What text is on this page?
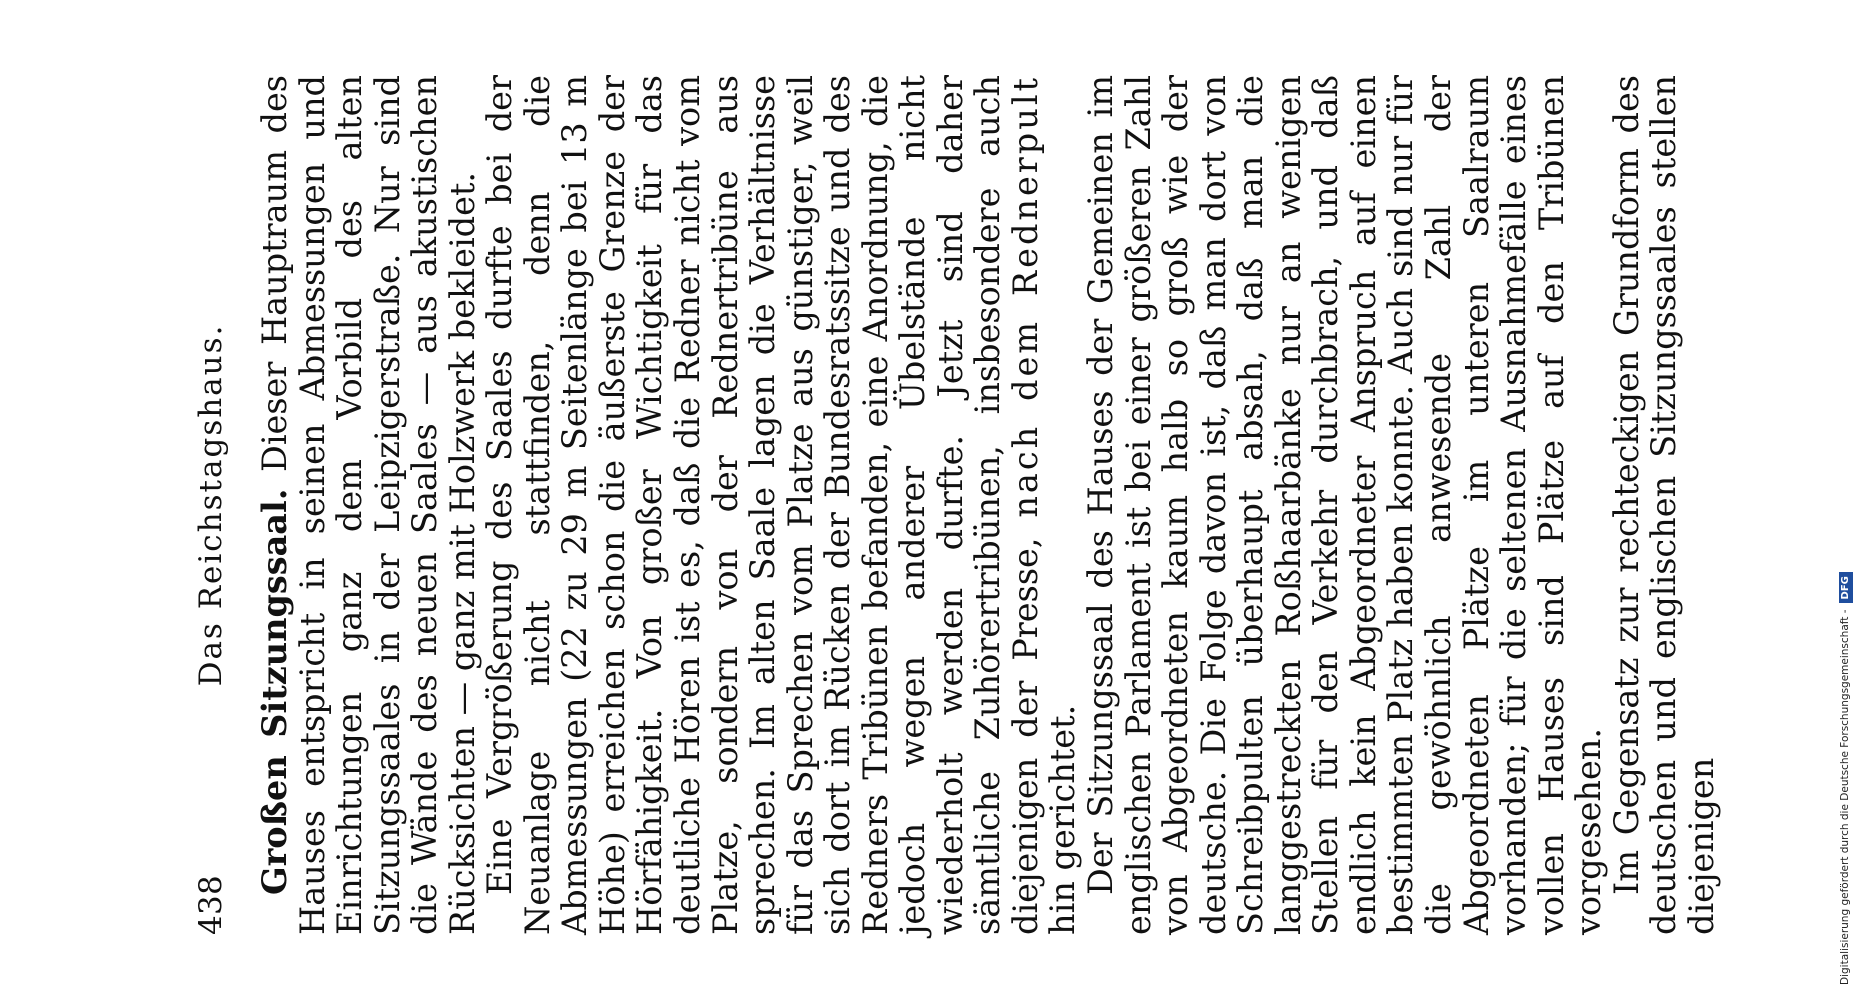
438
Das Reichstagshaus. Großen Sitzungssaal. Dieser Hauptraum des Hauses entspricht in seinen Abmessungen und Einrichtungen ganz dem Vorbild des alten Sitzungssaales in der Leipzigerstraße. Nur sind die Wände des neuen Saales — aus akustischen Rücksichten — ganz mit Holzwerk bekleidet.

Eine Vergrößerung des Saales durfte bei der Neuanlage nicht stattfinden, denn die Abmessungen (22 zu 29 m Seitenlänge bei 13 m Höhe) erreichen schon die äußerste Grenze der Hörfähigkeit. Von großer Wichtigkeit für das deutliche Hören ist es, daß die Redner nicht vom Platze, sondern von der Rednertribüne aus sprechen. Im alten Saale lagen die Verhältnisse für das Sprechen vom Platze aus günstiger, weil sich dort im Rücken der Bundesratssitze und des Redners Tribünen befanden, eine Anordnung, die jedoch wegen anderer Übelstände nicht wiederholt werden durfte. Jetzt sind daher sämtliche Zuhörertribünen, insbesondere auch diejenigen der Presse, nach dem Rednerpult hin gerichtet.

Der Sitzungssaal des Hauses der Gemeinen im englischen Parlament ist bei einer größeren Zahl von Abgeordneten kaum halb so groß wie der deutsche. Die Folge davon ist, daß man dort von Schreibpulten überhaupt absah, daß man die langgestreckten Roßhaarbänke nur an wenigen Stellen für den Verkehr durchbrach, und daß endlich kein Abgeordneter Anspruch auf einen bestimmten Platz haben konnte. Auch sind nur für die gewöhnlich anwesende Zahl der Abgeordneten Plätze im unteren Saalraum vorhanden; für die seltenen Ausnahmefälle eines vollen Hauses sind Plätze auf den Tribünen vorgesehen.

Im Gegensatz zur rechteckigen Grundform des deutschen und englischen Sitzungssaales stellen diejenigen	Digitalisierung gefördert durch die Deutsche Forschungsgemeinschaft -DFG
